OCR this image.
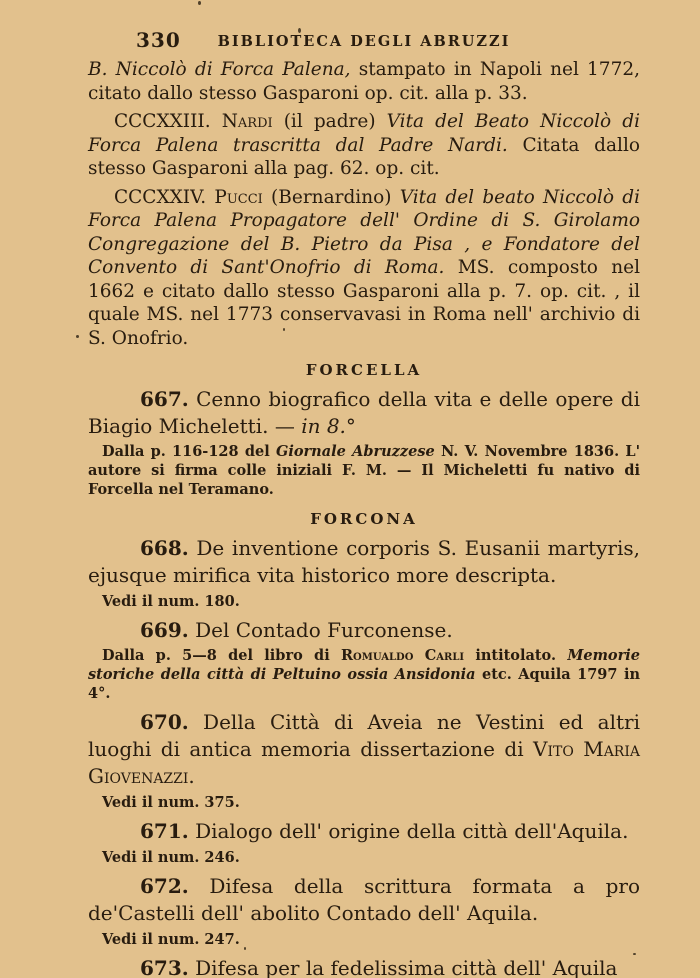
330	BIBLIOTECA DEGLI ABRUZZI

B. Niccolò di Forca Palena, stampato in Napoli nel 1772, citato dallo stesso Gasparoni op. cit. alla p. 33.

CCCXXIII. Nardi (il padre) Vita del Beato Niccolò di Forca Palena trascritta dal Padre Nardi. Citata dallo stesso Gasparoni alla pag. 62. op. cit.

CCCXXIV. Pucci (Bernardino) Vita del beato Niccolò di Forca Palena Propagatore dell' Ordine di S. Girolamo Congregazione del B. Pietro da Pisa , e Fondatore del Convento di Sant'Onofrio di Roma. MS. composto nel 1662 e citato dallo stesso Gasparoni alla p. 7. op. cit. , il quale MS. nel 1773 conservavasi in Roma nell' archivio di S. Onofrio.

FORCELLA

667. Cenno biografico della vita e delle opere di Biagio Micheletti. — in 8.°

Dalla p. 116-128 del Giornale Abruzzese N. V. Novembre 1836. L' autore si firma colle iniziali F. M. — Il Micheletti fu nativo di Forcella nel Teramano.

FORCONA

668. De inventione corporis S. Eusanii martyris, ejusque mirifica vita historico more descripta.

Vedi il num. 180.

669. Del Contado Furconense.

Dalla p. 5—8 del libro di Romualdo Carli intitolato. Memorie storiche della città di Peltuino ossia Ansidonia etc. Aquila 1797 in 4°.

670. Della Città di Aveia ne Vestini ed altri luoghi di antica memoria dissertazione di Vito Maria Giovenazzi.

Vedi il num. 375.

671. Dialogo dell' origine della città dell'Aquila.

Vedi il num. 246.

672. Difesa della scrittura formata a pro de'Castelli dell' abolito Contado dell' Aquila.

Vedi il num. 247.

673. Difesa per la fedelissima città dell' Aquila
